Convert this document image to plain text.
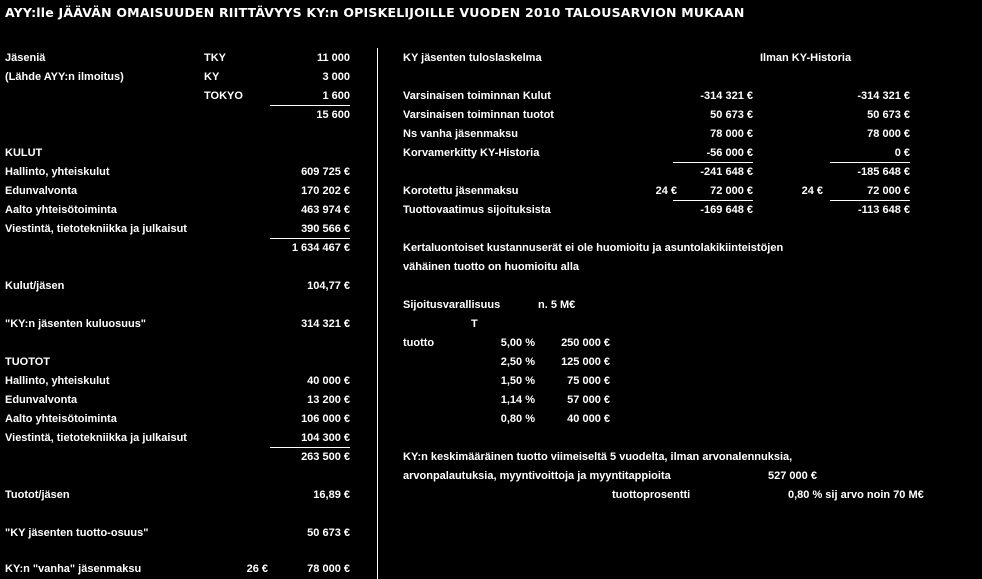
AYY:lle JÄÄVÄN OMAISUUDEN RIITTÄVYYS KY:n OPISKELIJOILLE VUODEN 2010 TALOUSARVION MUKAAN
Jäseniä
(Lähde AYY:n ilmoitus)
TKY	11 000
KY	3 000
TOKYO	1 600
15 600
KULUT
Hallinto, yhteiskulut	609 725 €
Edunvalvonta	170 202 €
Aalto yhteisötoiminta	463 974 €
Viestintä, tietotekniikka ja julkaisut	390 566 €
1 634 467 €
Kulut/jäsen	104,77 €
"KY:n jäsenten kuluosuus"	314 321 €
TUOTOT
Hallinto, yhteiskulut	40 000 €
Edunvalvonta	13 200 €
Aalto yhteisötoiminta	106 000 €
Viestintä, tietotekniikka ja julkaisut	104 300 €
263 500 €
Tuotot/jäsen	16,89 €
"KY jäsenten tuotto-osuus"	50 673 €
KY:n "vanha" jäsenmaksu	26 €	78 000 €
KY jäsenten tuloslaskelma	Ilman KY-Historia
Varsinaisen toiminnan Kulut	-314 321 €	-314 321 €
Varsinaisen toiminnan tuotot	50 673 €	50 673 €
Ns vanha jäsenmaksu	78 000 €	78 000 €
Korvamerkitty KY-Historia	-56 000 €	0 €
-241 648 €	-185 648 €
Korotettu jäsenmaksu	24 €	72 000 €	24 €	72 000 €
Tuottovaatimus sijoituksista	-169 648 €	-113 648 €
Kertaluontoiset kustannuserät ei ole huomioitu ja asuntolakikiinteistöjen
vähäinen tuotto on huomioitu alla
Sijoitusvarallisuus	n. 5 M€
T
tuotto	5,00 %	250 000 €
2,50 %	125 000 €
1,50 %	75 000 €
1,14 %	57 000 €
0,80 %	40 000 €
KY:n keskimääräinen tuotto viimeiseltä 5 vuodelta, ilman arvonalennuksia,
arvonpalautuksia, myyntivoittoja ja myyntitappioita	527 000 €
tuottoprosentti	0,80 % sij arvo noin 70 M€
